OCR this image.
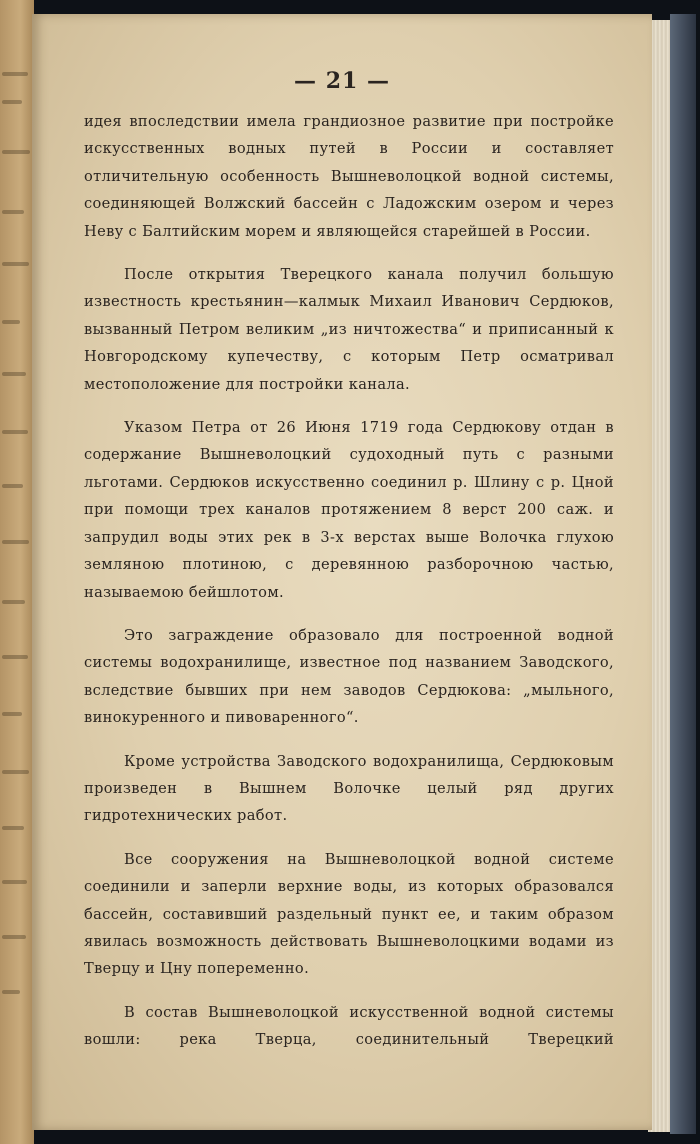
— 21 —

идея впоследствии имела грандиозное развитие при постройке искусственных водных путей в России и составляет отличительную особенность Вышневолоцкой водной системы, соединяющей Волжский бассейн с Ладожским озером и через Неву с Балтийским морем и являющейся старейшей в России.

После открытия Тверецкого канала получил большую известность крестьянин—калмык Михаил Иванович Сердюков, вызванный Петром великим „из ничтожества“ и приписанный к Новгородскому купечеству, с которым Петр осматривал местоположение для постройки канала.

Указом Петра от 26 Июня 1719 года Сердюкову отдан в содержание Вышневолоцкий судоходный путь с разными льготами. Сердюков искусственно соединил р. Шлину с р. Цной при помощи трех каналов протяжением 8 верст 200 саж. и запрудил воды этих рек в 3-х верстах выше Волочка глухою земляною плотиною, с деревянною разборочною частью, называемою бейшлотом.

Это заграждение образовало для построенной водной системы водохранилище, известное под названием Заводского, вследствие бывших при нем заводов Сердюкова: „мыльного, винокуренного и пивоваренного“.

Кроме устройства Заводского водохранилища, Сердюковым произведен в Вышнем Волочке целый ряд других гидротехнических работ.

Все сооружения на Вышневолоцкой водной системе соединили и заперли верхние воды, из которых образовался бассейн, составивший раздельный пункт ее, и таким образом явилась возможность действовать Вышневолоцкими водами из Тверцу и Цну попеременно.

В состав Вышневолоцкой искусственной водной системы вошли: река Тверца, соединительный Тверецкий
